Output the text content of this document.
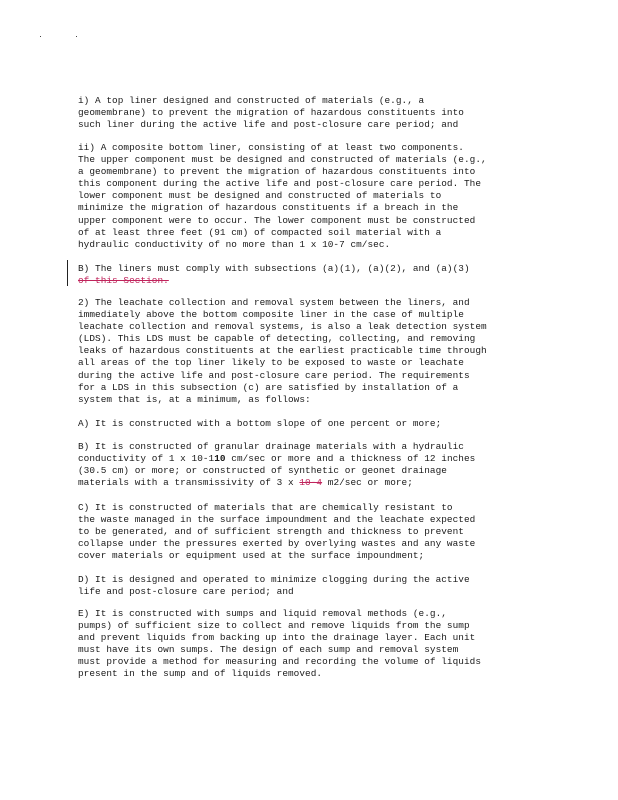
i) A top liner designed and constructed of materials (e.g., a
geomembrane) to prevent the migration of hazardous constituents into
such liner during the active life and post-closure care period; and
ii) A composite bottom liner, consisting of at least two components.
The upper component must be designed and constructed of materials (e.g.,
a geomembrane) to prevent the migration of hazardous constituents into
this component during the active life and post-closure care period. The
lower component must be designed and constructed of materials to
minimize the migration of hazardous constituents if a breach in the
upper component were to occur. The lower component must be constructed
of at least three feet (91 cm) of compacted soil material with a
hydraulic conductivity of no more than 1 x 10-7 cm/sec.
B) The liners must comply with subsections (a)(1), (a)(2), and (a)(3)
of this Section.
2) The leachate collection and removal system between the liners, and
immediately above the bottom composite liner in the case of multiple
leachate collection and removal systems, is also a leak detection system
(LDS). This LDS must be capable of detecting, collecting, and removing
leaks of hazardous constituents at the earliest practicable time through
all areas of the top liner likely to be exposed to waste or leachate
during the active life and post-closure care period. The requirements
for a LDS in this subsection (c) are satisfied by installation of a
system that is, at a minimum, as follows:
A) It is constructed with a bottom slope of one percent or more;
B) It is constructed of granular drainage materials with a hydraulic
conductivity of 1 x 10-110 cm/sec or more and a thickness of 12 inches
(30.5 cm) or more; or constructed of synthetic or geonet drainage
materials with a transmissivity of 3 x 10-4 m2/sec or more;
C) It is constructed of materials that are chemically resistant to
the waste managed in the surface impoundment and the leachate expected
to be generated, and of sufficient strength and thickness to prevent
collapse under the pressures exerted by overlying wastes and any waste
cover materials or equipment used at the surface impoundment;
D) It is designed and operated to minimize clogging during the active
life and post-closure care period; and
E) It is constructed with sumps and liquid removal methods (e.g.,
pumps) of sufficient size to collect and remove liquids from the sump
and prevent liquids from backing up into the drainage layer. Each unit
must have its own sumps. The design of each sump and removal system
must provide a method for measuring and recording the volume of liquids
present in the sump and of liquids removed.
